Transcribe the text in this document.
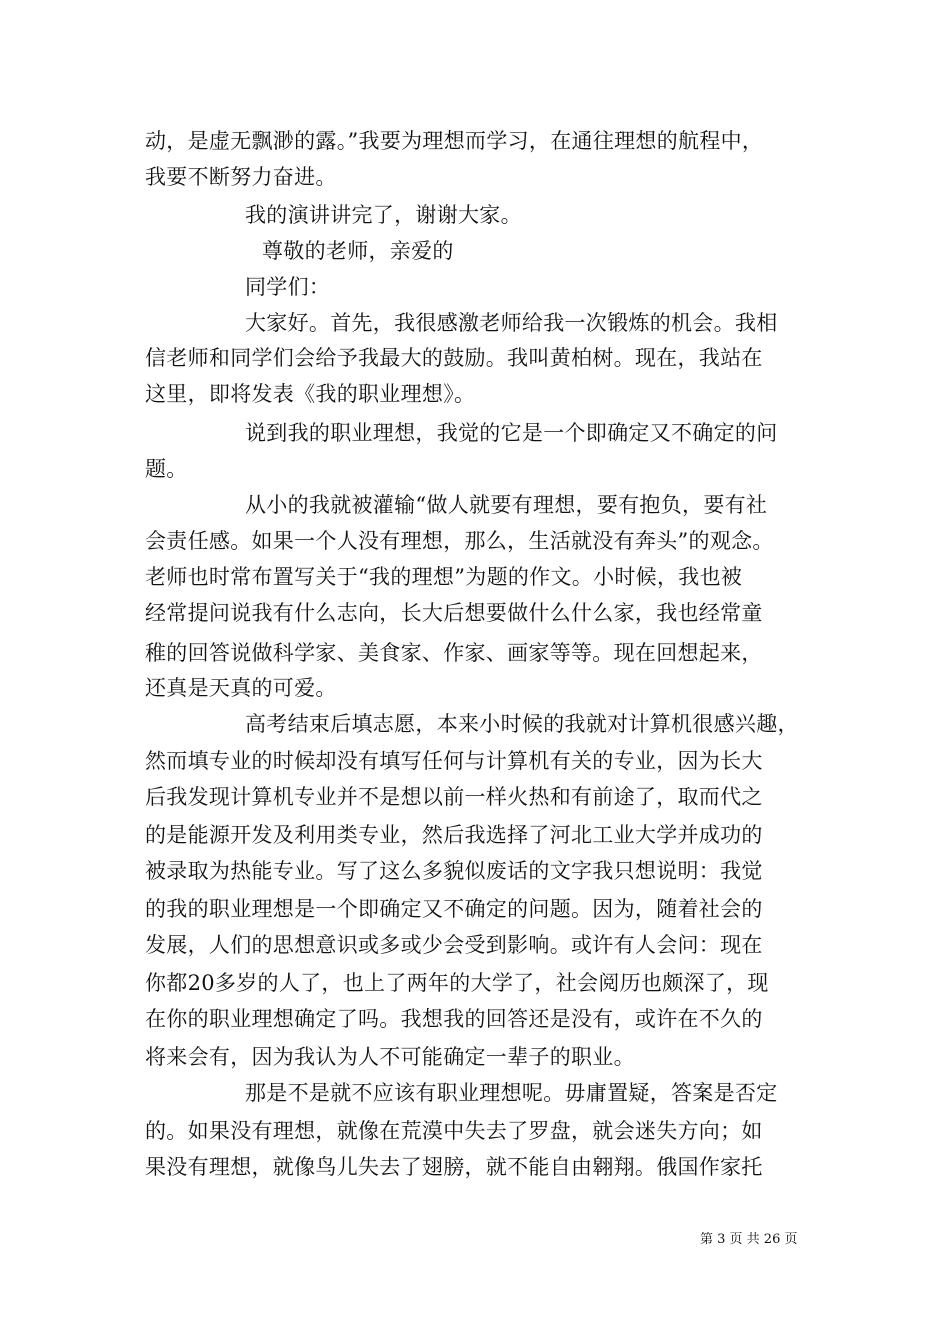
动，是虚无飘渺的露。”我要为理想而学习，在通往理想的航程中，
我要不断努力奋进。
我的演讲讲完了，谢谢大家。
尊敬的老师，亲爱的
同学们：
大家好。首先，我很感激老师给我一次锻炼的机会。我相
信老师和同学们会给予我最大的鼓励。我叫黄柏树。现在，我站在
这里，即将发表《我的职业理想》。
说到我的职业理想，我觉的它是一个即确定又不确定的问
题。
从小的我就被灌输“做人就要有理想，要有抱负，要有社
会责任感。如果一个人没有理想，那么，生活就没有奔头”的观念。
老师也时常布置写关于“我的理想”为题的作文。小时候，我也被
经常提问说我有什么志向，长大后想要做什么什么家，我也经常童
稚的回答说做科学家、美食家、作家、画家等等。现在回想起来，
还真是天真的可爱。
高考结束后填志愿，本来小时候的我就对计算机很感兴趣，
然而填专业的时候却没有填写任何与计算机有关的专业，因为长大
后我发现计算机专业并不是想以前一样火热和有前途了，取而代之
的是能源开发及利用类专业，然后我选择了河北工业大学并成功的
被录取为热能专业。写了这么多貌似废话的文字我只想说明：我觉
的我的职业理想是一个即确定又不确定的问题。因为，随着社会的
发展，人们的思想意识或多或少会受到影响。或许有人会问：现在
你都20多岁的人了，也上了两年的大学了，社会阅历也颇深了，现
在你的职业理想确定了吗。我想我的回答还是没有，或许在不久的
将来会有，因为我认为人不可能确定一辈子的职业。
那是不是就不应该有职业理想呢。毋庸置疑，答案是否定
的。如果没有理想，就像在荒漠中失去了罗盘，就会迷失方向；如
果没有理想，就像鸟儿失去了翅膀，就不能自由翱翔。俄国作家托
第 3 页 共 26 页
